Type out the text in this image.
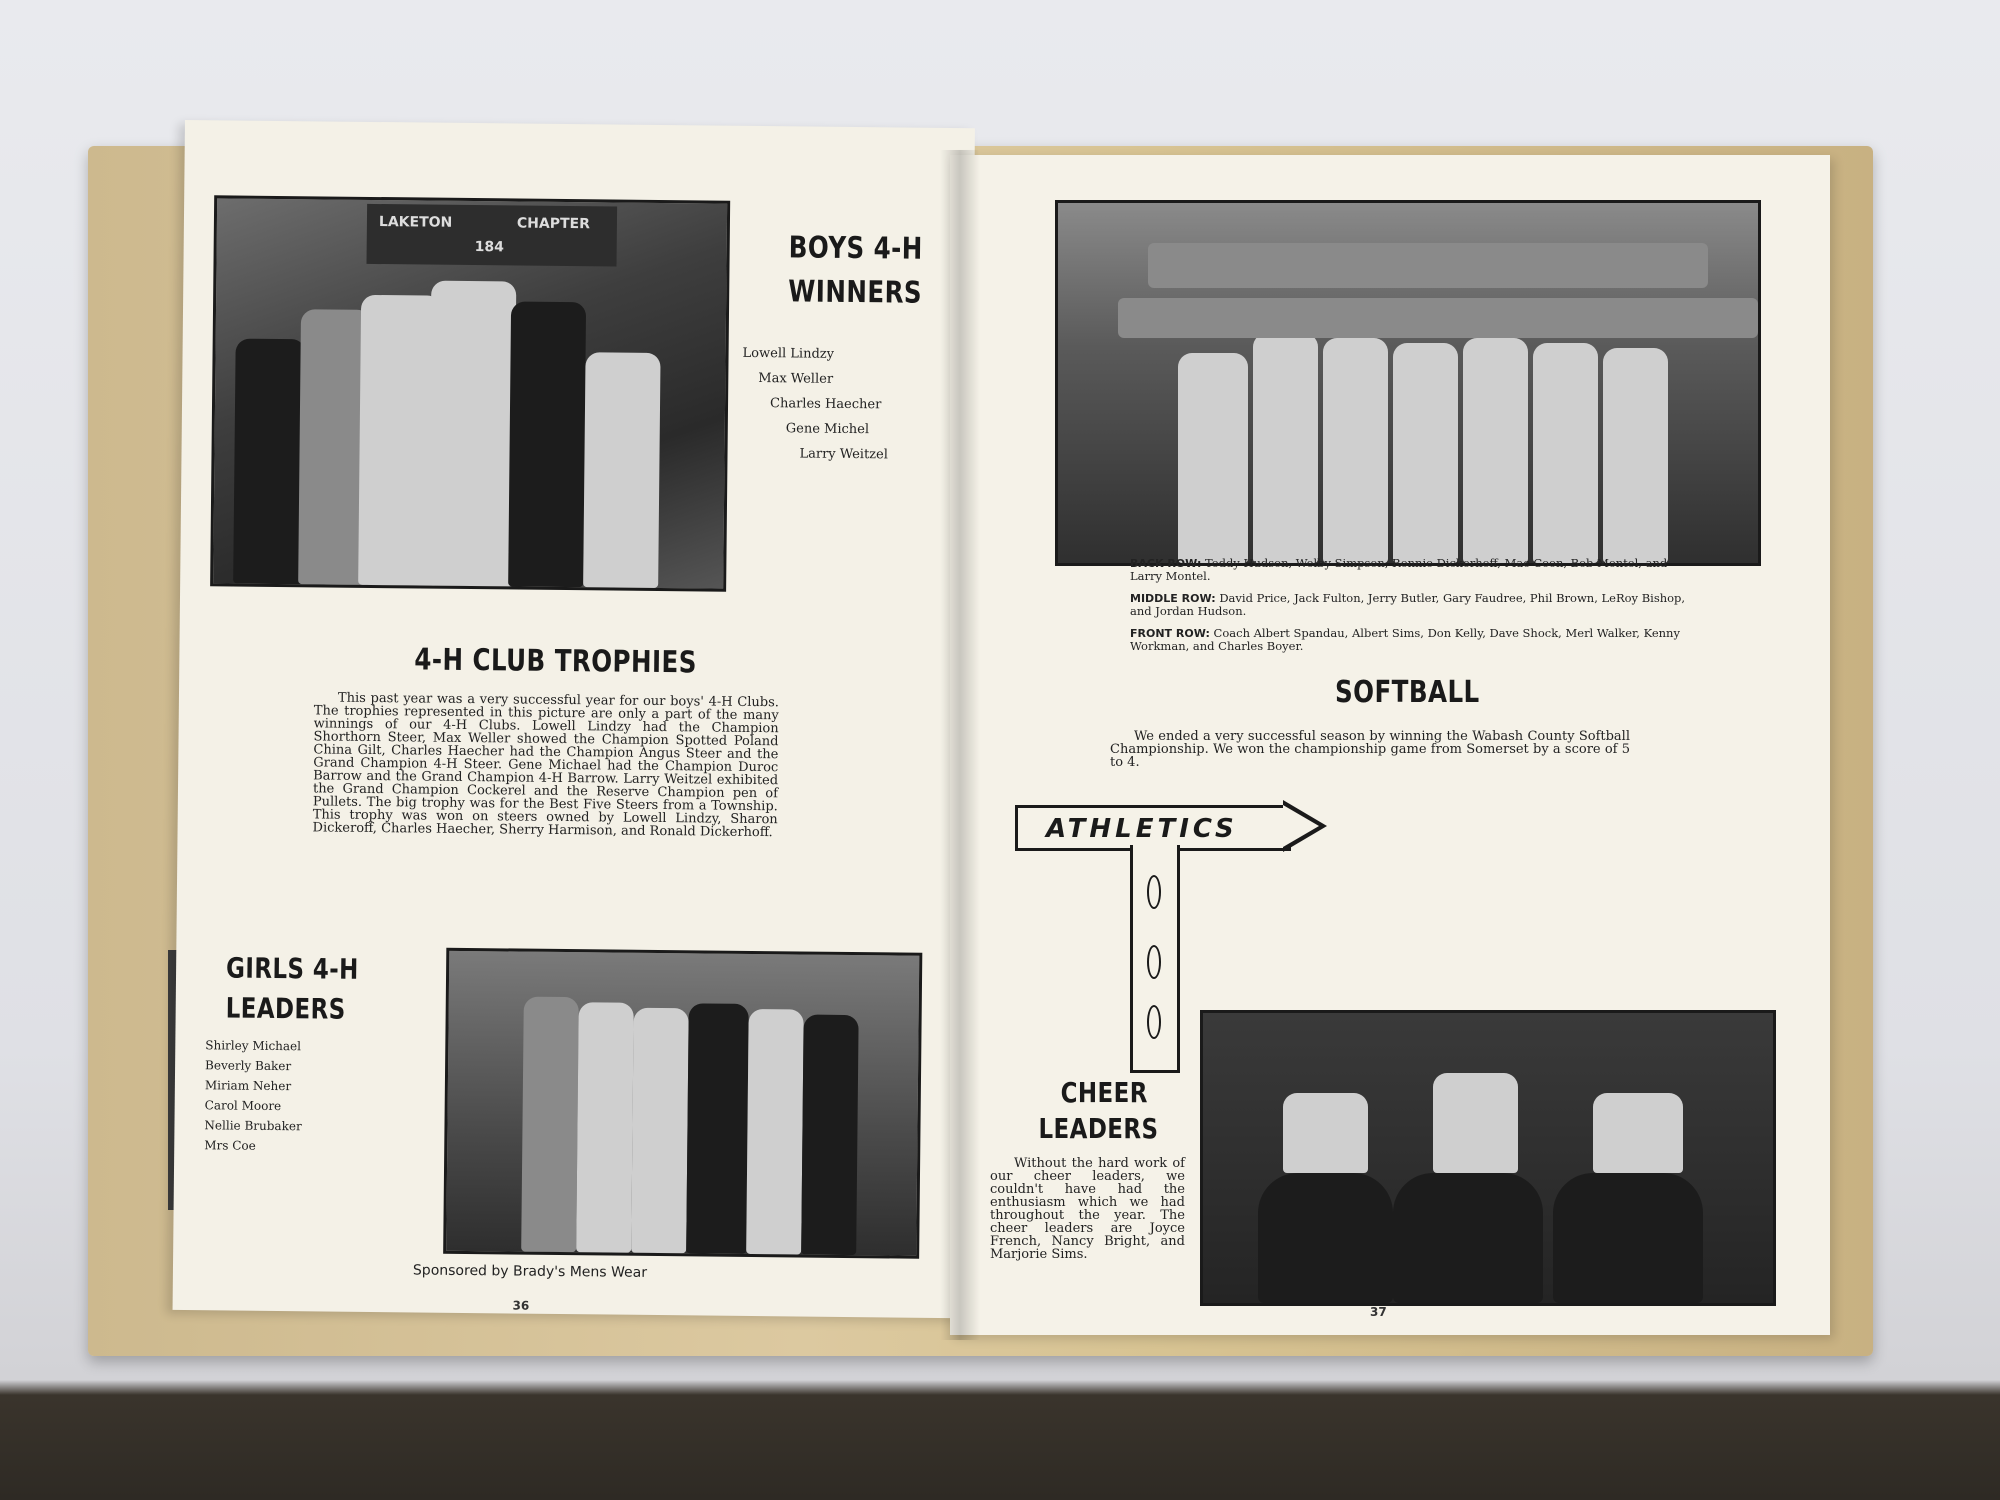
LAKETON
184
CHAPTER
BOYS 4-H
WINNERS
Lowell Lindzy
Max Weller
Charles Haecher
Gene Michel
Larry Weitzel
4-H CLUB TROPHIES

This past year was a very successful year for our boys' 4-H Clubs. The trophies represented in this picture are only a part of the many winnings of our 4-H Clubs. Lowell Lindzy had the Champion Shorthorn Steer, Max Weller showed the Champion Spotted Poland China Gilt, Charles Haecher had the Champion Angus Steer and the Grand Champion 4-H Steer. Gene Michael had the Champion Duroc Barrow and the Grand Champion 4-H Barrow. Larry Weitzel exhibited the Grand Champion Cockerel and the Reserve Champion pen of Pullets. The big trophy was for the Best Five Steers from a Township. This trophy was won on steers owned by Lowell Lindzy, Sharon Dickeroff, Charles Haecher, Sherry Harmison, and Ronald Dickerhoff.

GIRLS 4-H
LEADERS
Shirley Michael
Beverly Baker
Miriam Neher
Carol Moore
Nellie Brubaker
Mrs Coe
Sponsored by Brady's Mens Wear
36

BACK ROW: Teddy Hudson, Welby Simpson, Ronnie Dickerhoff, Mac Coon, Bob Montel, and Larry Montel.

MIDDLE ROW: David Price, Jack Fulton, Jerry Butler, Gary Faudree, Phil Brown, LeRoy Bishop, and Jordan Hudson.

FRONT ROW: Coach Albert Spandau, Albert Sims, Don Kelly, Dave Shock, Merl Walker, Kenny Workman, and Charles Boyer.

SOFTBALL

We ended a very successful season by winning the Wabash County Softball Championship. We won the championship game from Somerset by a score of 5 to 4.

CHEER
LEADERS

Without the hard work of our cheer leaders, we couldn't have had the enthusiasm which we had throughout the year. The cheer leaders are Joyce French, Nancy Bright, and Marjorie Sims.

37
ATHLETICS
